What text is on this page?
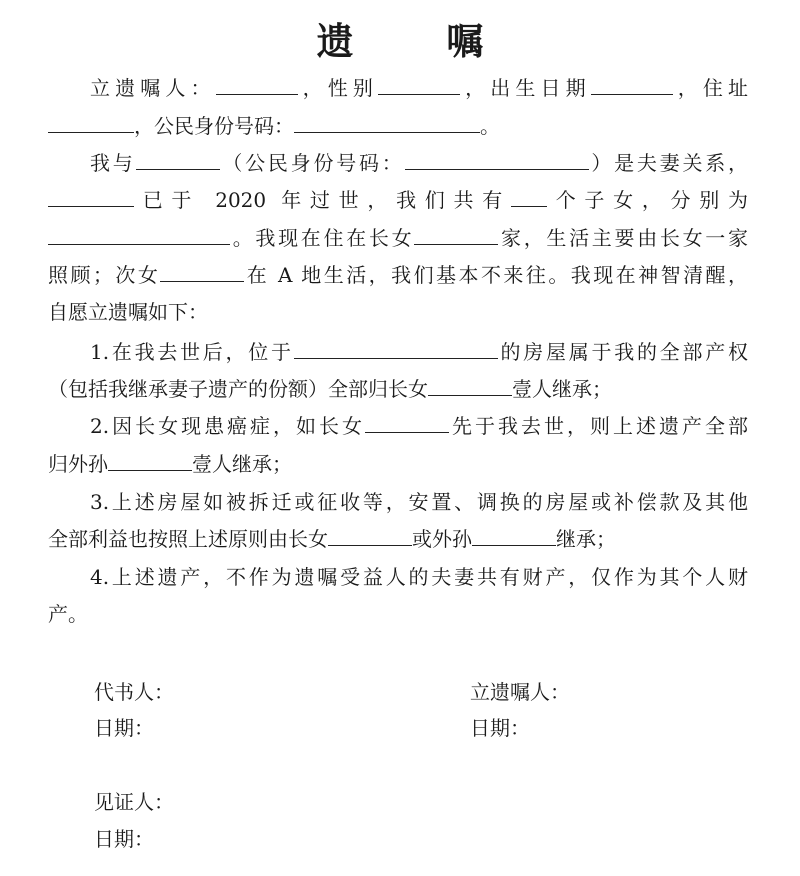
遗 嘱
立遗嘱人：	，性别	，出生日期	，住址
，公民身份号码：	。
我与	（公民身份号码：	）是夫妻关系，
已于 2020 年过世，我们共有 个子女，分别为
。我现在住在长女	家，生活主要由长女一家
照顾；次女	在 A 地生活，我们基本不来往。我现在神智清醒，
自愿立遗嘱如下：
1.在我去世后，位于	的房屋属于我的全部产权
（包括我继承妻子遗产的份额）全部归长女	壹人继承；
2.因长女现患癌症，如长女	先于我去世，则上述遗产全部
归外孙	壹人继承；
3.上述房屋如被拆迁或征收等，安置、调换的房屋或补偿款及其他
全部利益也按照上述原则由长女	或外孙	继承；
4.上述遗产，不作为遗嘱受益人的夫妻共有财产，仅作为其个人财
产。
代书人：
日期：
立遗嘱人：
日期：
见证人：
日期：
